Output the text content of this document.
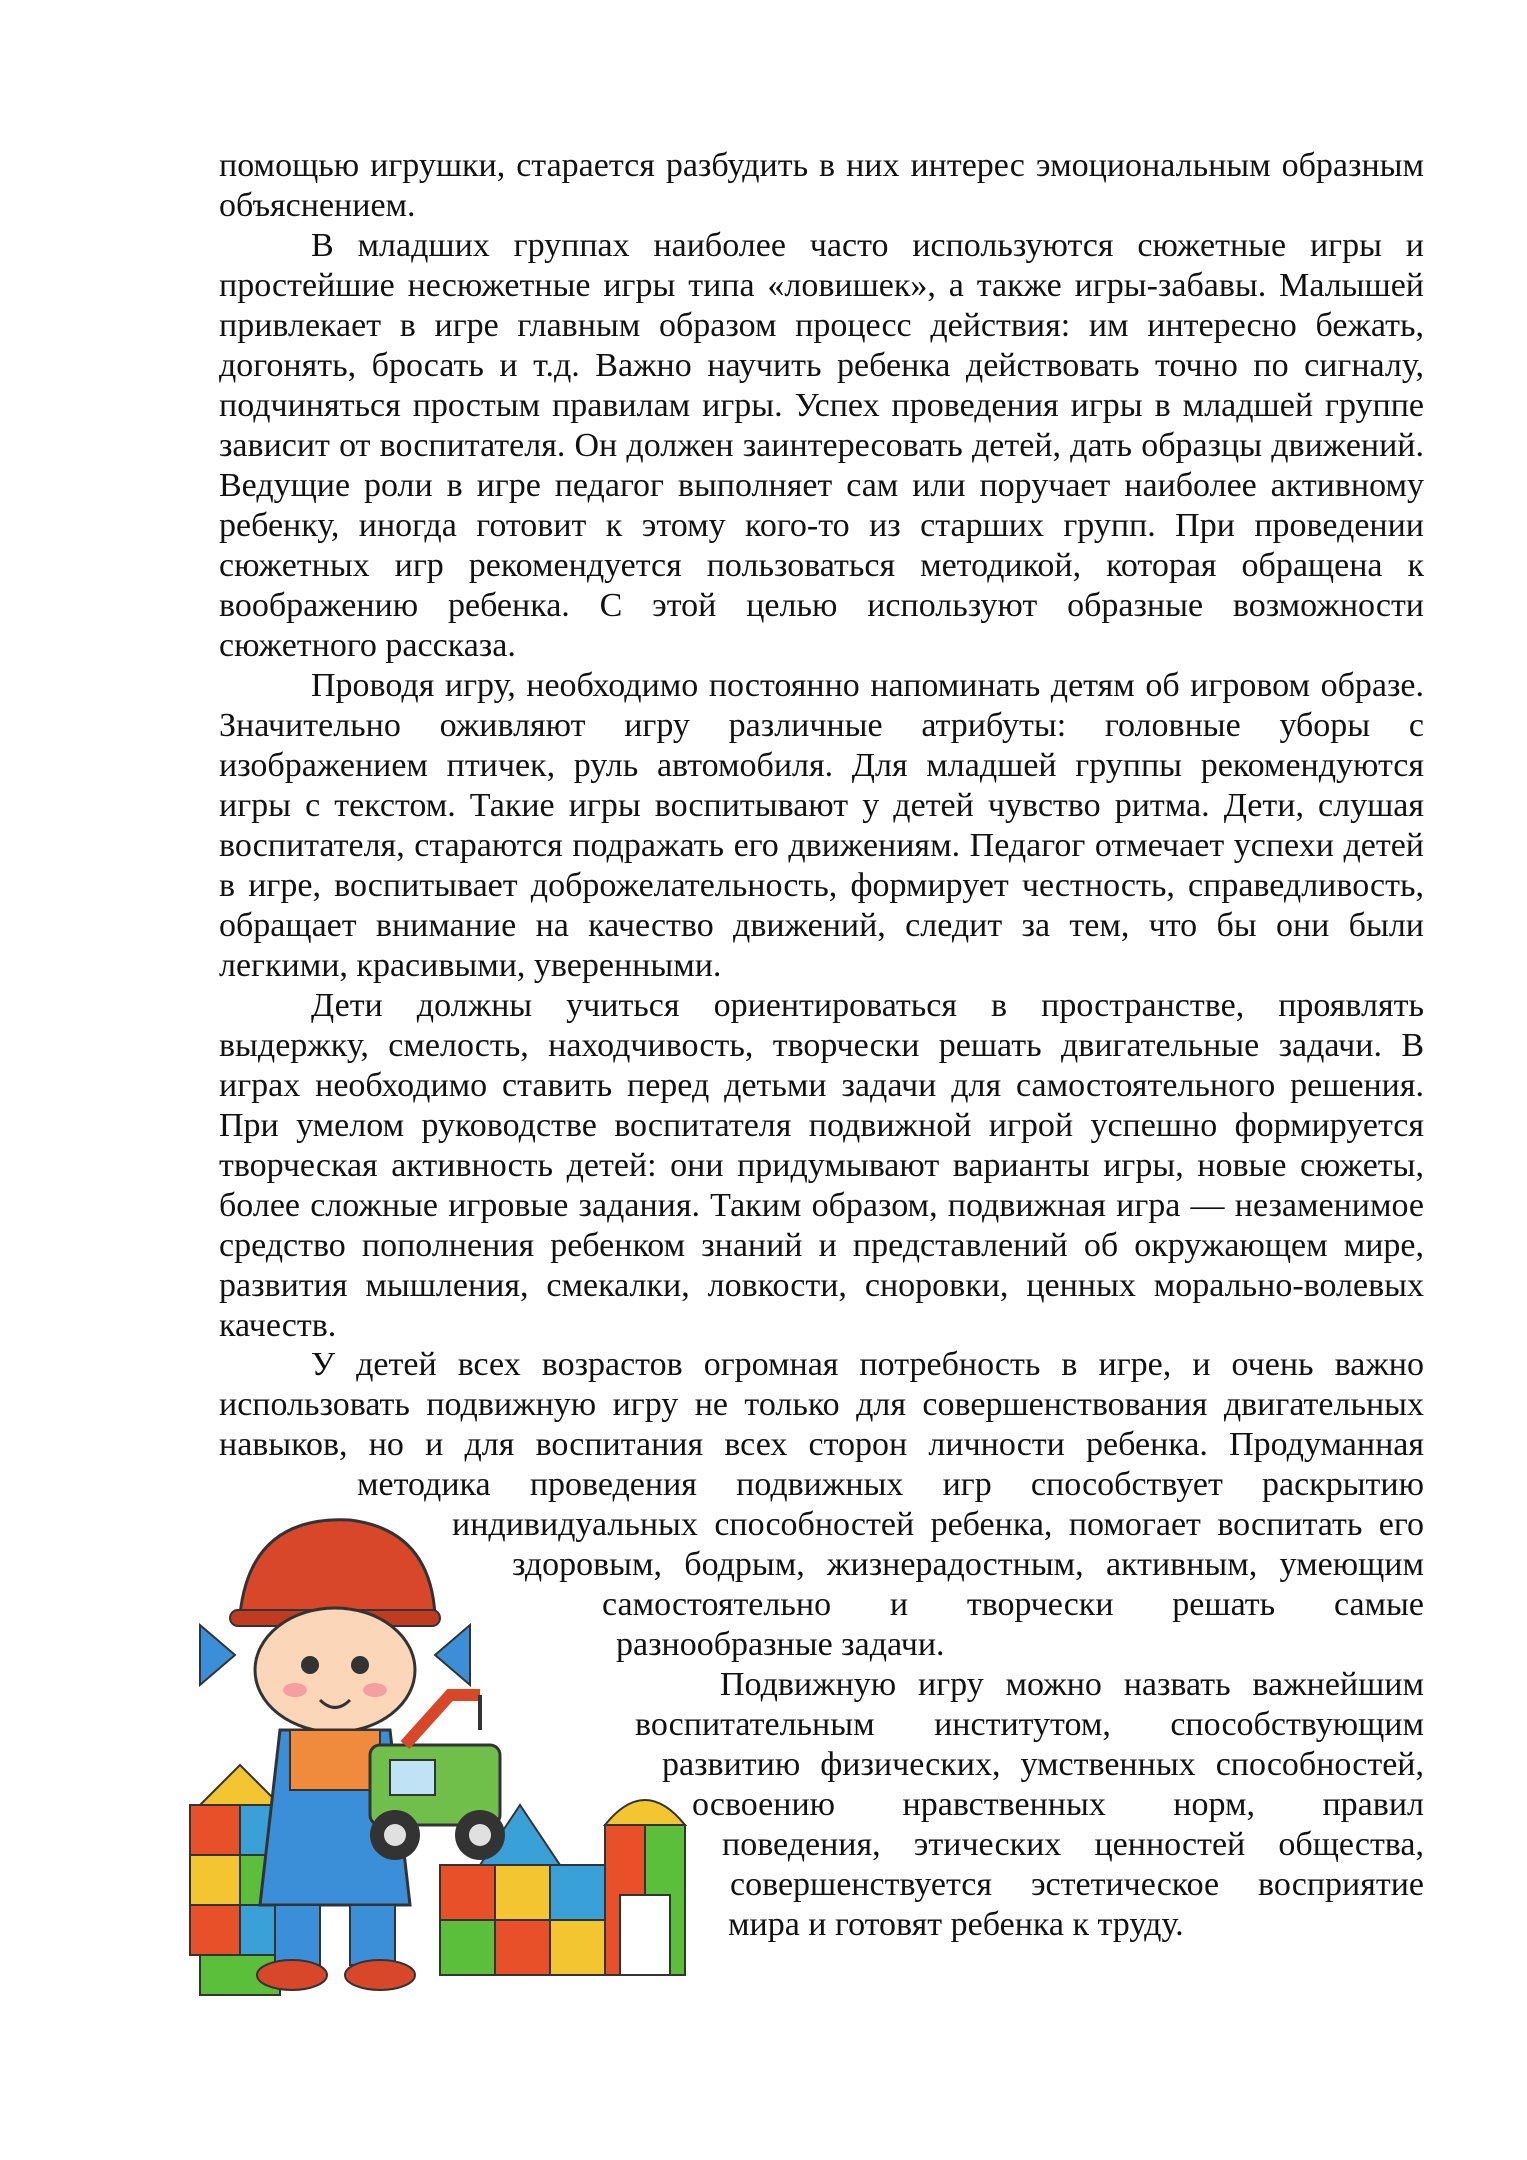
помощью игрушки, старается разбудить в них интерес эмоциональным образным объяснением.

В младших группах наиболее часто используются сюжетные игры и простейшие несюжетные игры типа «ловишек», а также игры-забавы. Малышей привлекает в игре главным образом процесс действия: им интересно бежать, догонять, бросать и т.д. Важно научить ребенка действовать точно по сигналу, подчиняться простым правилам игры. Успех проведения игры в младшей группе зависит от воспитателя. Он должен заинтересовать детей, дать образцы движений. Ведущие роли в игре педагог выполняет сам или поручает наиболее активному ребенку, иногда готовит к этому кого-то из старших групп. При проведении сюжетных игр рекомендуется пользоваться методикой, которая обращена к воображению ребенка. С этой целью используют образные возможности сюжетного рассказа.

Проводя игру, необходимо постоянно напоминать детям об игровом образе. Значительно оживляют игру различные атрибуты: головные уборы с изображением птичек, руль автомобиля. Для младшей группы рекомендуются игры с текстом. Такие игры воспитывают у детей чувство ритма. Дети, слушая воспитателя, стараются подражать его движениям. Педагог отмечает успехи детей в игре, воспитывает доброжелательность, формирует честность, справедливость, обращает внимание на качество движений, следит за тем, что бы они были легкими, красивыми, уверенными.

Дети должны учиться ориентироваться в пространстве, проявлять выдержку, смелость, находчивость, творчески решать двигательные задачи. В играх необходимо ставить перед детьми задачи для самостоятельного решения. При умелом руководстве воспитателя подвижной игрой успешно формируется творческая активность детей: они придумывают варианты игры, новые сюжеты, более сложные игровые задания. Таким образом, подвижная игра — незаменимое средство пополнения ребенком знаний и представлений об окружающем мире, развития мышления, смекалки, ловкости, сноровки, ценных морально-волевых качеств.

У детей всех возрастов огромная потребность в игре, и очень важно
использовать подвижную игру не только для совершенствования двигательных
навыков, но и для воспитания всех сторон личности ребенка. Продуманная
методика проведения подвижных игр способствует раскрытию
индивидуальных способностей ребенка, помогает воспитать его
здоровым, бодрым, жизнерадостным, активным, умеющим
самостоятельно и творчески решать самые
разнообразные задачи.
Подвижную игру можно назвать важнейшим
воспитательным институтом, способствующим
развитию физических, умственных способностей,
освоению нравственных норм, правил
поведения, этических ценностей общества,
совершенствуется эстетическое восприятие
мира и готовят ребенка к труду.
